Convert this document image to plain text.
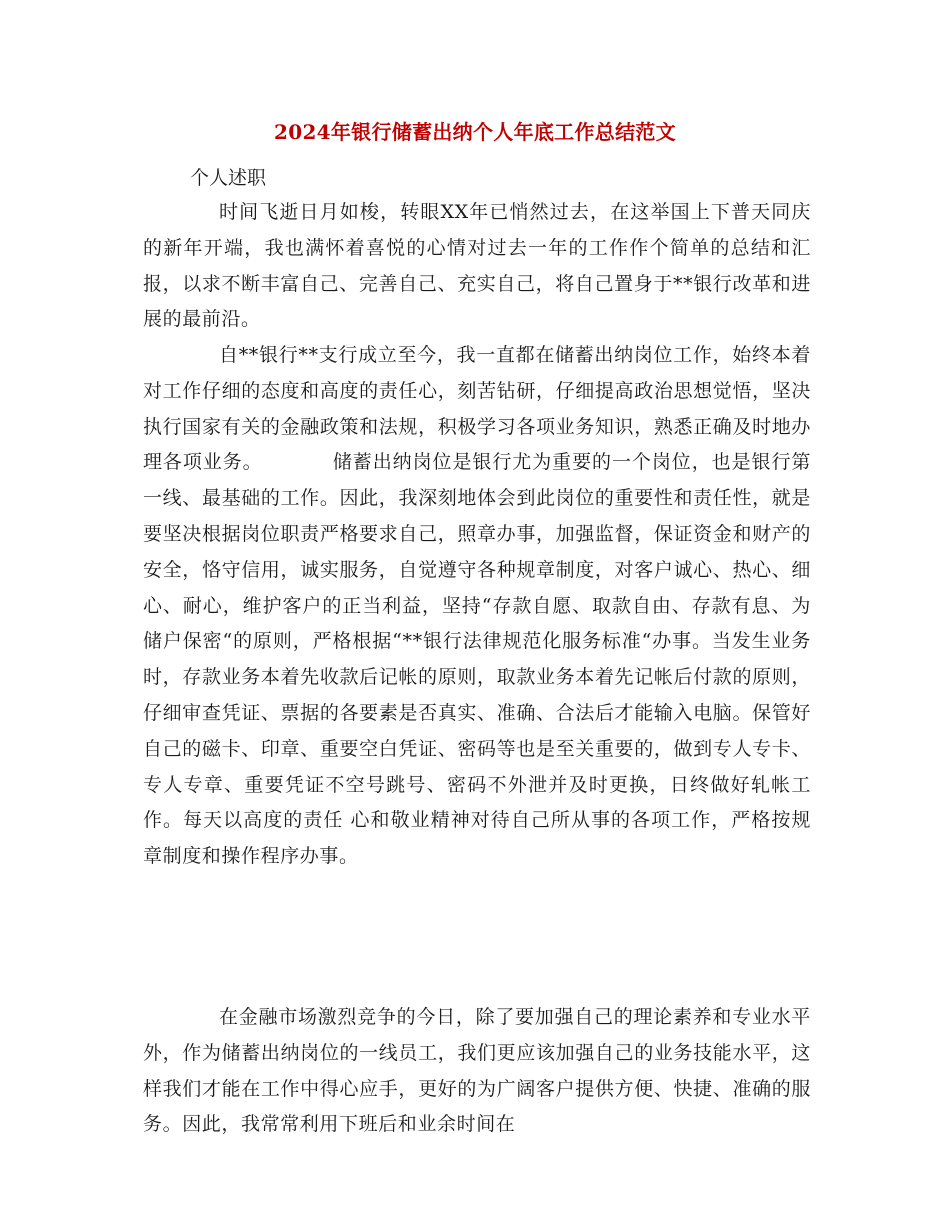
2024年银行储蓄出纳个人年底工作总结范文
个人述职

时间飞逝日月如梭，转眼XX年已悄然过去，在这举国上下普天同庆的新年开端，我也满怀着喜悦的心情对过去一年的工作作个简单的总结和汇报，以求不断丰富自己、完善自己、充实自己，将自己置身于**银行改革和进展的最前沿。

自**银行**支行成立至今，我一直都在储蓄出纳岗位工作，始终本着对工作仔细的态度和高度的责任心，刻苦钻研，仔细提高政治思想觉悟，坚决执行国家有关的金融政策和法规，积极学习各项业务知识，熟悉正确及时地办理各项业务。　　　　储蓄出纳岗位是银行尤为重要的一个岗位，也是银行第一线、最基础的工作。因此，我深刻地体会到此岗位的重要性和责任性，就是要坚决根据岗位职责严格要求自己，照章办事，加强监督，保证资金和财产的安全，恪守信用，诚实服务，自觉遵守各种规章制度，对客户诚心、热心、细心、耐心，维护客户的正当利益，坚持“存款自愿、取款自由、存款有息、为储户保密“的原则，严格根据“**银行法律规范化服务标准“办事。当发生业务时，存款业务本着先收款后记帐的原则，取款业务本着先记帐后付款的原则，仔细审查凭证、票据的各要素是否真实、准确、合法后才能输入电脑。保管好自己的磁卡、印章、重要空白凭证、密码等也是至关重要的，做到专人专卡、专人专章、重要凭证不空号跳号、密码不外泄并及时更换，日终做好轧帐工作。每天以高度的责任 心和敬业精神对待自己所从事的各项工作，严格按规章制度和操作程序办事。

在金融市场激烈竞争的今日，除了要加强自己的理论素养和专业水平外，作为储蓄出纳岗位的一线员工，我们更应该加强自己的业务技能水平，这样我们才能在工作中得心应手，更好的为广阔客户提供方便、快捷、准确的服务。因此，我常常利用下班后和业余时间在
